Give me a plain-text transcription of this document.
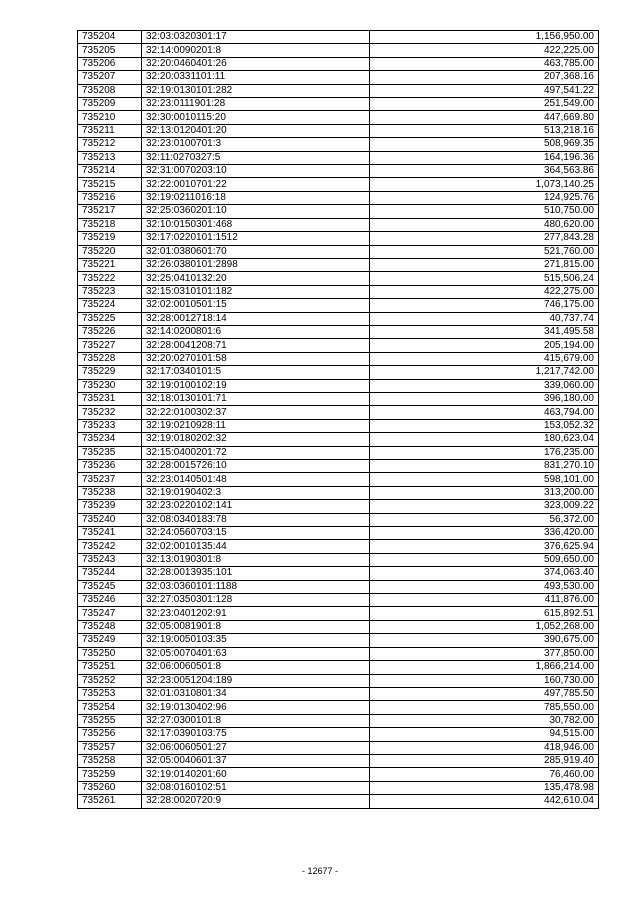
735204	32:03:0320301:17	1,156,950.00
735205	32:14:0090201:8	422,225.00
735206	32:20:0460401:26	463,785.00
735207	32:20:0331101:11	207,368.16
735208	32:19:0130101:282	497,541.22
735209	32:23:0111901:28	251,549.00
735210	32:30:0010115:20	447,669.80
735211	32:13:0120401:20	513,218.16
735212	32:23:0100701:3	508,969.35
735213	32:11:0270327:5	164,196.36
735214	32:31:0070203:10	364,563.86
735215	32:22:0010701:22	1,073,140.25
735216	32:19:0211016:18	124,925.76
735217	32:25:0360201:10	510,750.00
735218	32:10:0150301:468	480,620.00
735219	32:17:0220101:1512	277,843.28
735220	32:01:0380601:70	521,760.00
735221	32:26:0380101:2898	271,815.00
735222	32:25:0410132:20	515,506.24
735223	32:15:0310101:182	422,275.00
735224	32:02:0010501:15	746,175.00
735225	32:28:0012718:14	40,737.74
735226	32:14:0200801:6	341,495.58
735227	32:28:0041208:71	205,194.00
735228	32:20:0270101:58	415,679.00
735229	32:17:0340101:5	1,217,742.00
735230	32:19:0100102:19	339,060.00
735231	32:18:0130101:71	396,180.00
735232	32:22:0100302:37	463,794.00
735233	32:19:0210928:11	153,052.32
735234	32:19:0180202:32	180,623.04
735235	32:15:0400201:72	176,235.00
735236	32:28:0015726:10	831,270.10
735237	32:23:0140501:48	598,101.00
735238	32:19:0190402:3	313,200.00
735239	32:23:0220102:141	323,009.22
735240	32:08:0340183:78	56,372.00
735241	32:24:0560703:15	336,420.00
735242	32:02:0010135:44	376,625.94
735243	32:13:0190301:8	509,650.00
735244	32:28:0013935:101	374,063.40
735245	32:03:0360101:1188	493,530.00
735246	32:27:0350301:128	411,876.00
735247	32:23:0401202:91	615,892.51
735248	32:05:0081901:8	1,052,268.00
735249	32:19:0050103:35	390,675.00
735250	32:05:0070401:63	377,850.00
735251	32:06:0060501:8	1,866,214.00
735252	32:23:0051204:189	160,730.00
735253	32:01:0310801:34	497,785.50
735254	32:19:0130402:96	785,550.00
735255	32:27:0300101:8	30,782.00
735256	32:17:0390103:75	94,515.00
735257	32:06:0060501:27	418,946.00
735258	32:05:0040601:37	285,919.40
735259	32:19:0140201:60	76,460.00
735260	32:08:0160102:51	135,478.98
735261	32:28:0020720:9	442,610.04
- 12677 -
